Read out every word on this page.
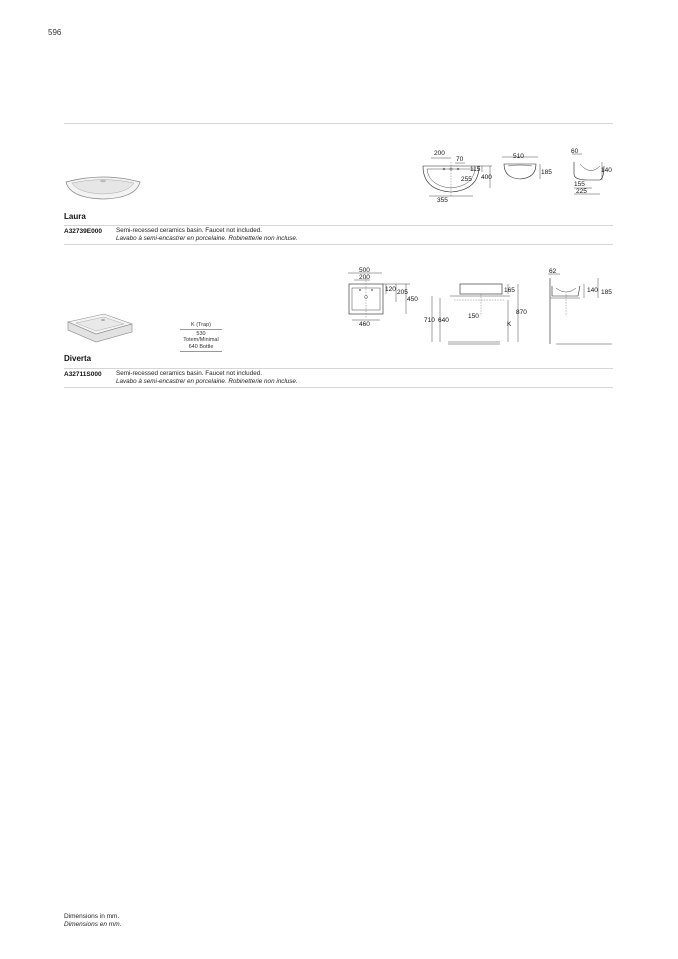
596
200
70
115
400
255
355
510
185
60
140
155
225
Laura
A32739E000 Semi-recessed ceramics basin. Faucet not included.
Lavabo à semi-encastrer en porcelaine. Robinetterie non incluse.
K (Trap)
530 Totem/Minimal
640 Bottle
500
200
120 205
450
460
710 640
150
165
870
K
62
140 185
Diverta
A32711S000 Semi-recessed ceramics basin. Faucet not included.
Lavabo à semi-encastrer en porcelaine. Robinetterie non incluse.
Dimensions in mm.
Dimensions en mm.
